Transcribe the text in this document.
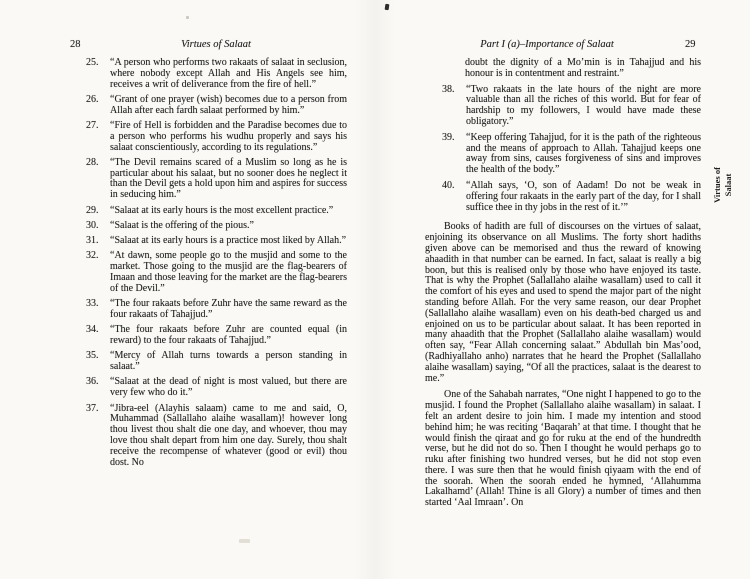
28	Virtues of Salaat
25.	“A person who performs two rakaats of salaat in seclusion, where nobody except Allah and His Angels see him, receives a writ of deliverance from the fire of hell.”
26.	“Grant of one prayer (wish) becomes due to a person from Allah after each fardh salaat performed by him.”
27.	“Fire of Hell is forbidden and the Paradise becomes due to a person who performs his wudhu properly and says his salaat conscientiously, according to its regulations.”
28.	“The Devil remains scared of a Muslim so long as he is particular about his salaat, but no sooner does he neglect it than the Devil gets a hold upon him and aspires for success in seducing him.”
29.	“Salaat at its early hours is the most excellent practice.”
30.	“Salaat is the offering of the pious.”
31.	“Salaat at its early hours is a practice most liked by Allah.”
32.	“At dawn, some people go to the musjid and some to the market. Those going to the musjid are the flag-bearers of Imaan and those leaving for the market are the flag-bearers of the Devil.”
33.	“The four rakaats before Zuhr have the same reward as the four rakaats of Tahajjud.”
34.	“The four rakaats before Zuhr are counted equal (in reward) to the four rakaats of Tahajjud.”
35.	“Mercy of Allah turns towards a person standing in salaat.”
36.	“Salaat at the dead of night is most valued, but there are very few who do it.”
37.	“Jibra-eel (Alayhis salaam) came to me and said, O, Muhammad (Sallallaho alaihe wasallam)! however long thou livest thou shalt die one day, and whoever, thou may love thou shalt depart from him one day. Surely, thou shalt receive the recompense of whatever (good or evil) thou dost. No
Part I (a)–Importance of Salaat	29
doubt the dignity of a Mo’min is in Tahajjud and his honour is in contentment and restraint.”
38.	“Two rakaats in the late hours of the night are more valuable than all the riches of this world. But for fear of hardship to my followers, I would have made these obligatory.”
39.	“Keep offering Tahajjud, for it is the path of the righteous and the means of approach to Allah. Tahajjud keeps one away from sins, causes forgiveness of sins and improves the health of the body.”
40.	“Allah says, ‘O, son of Aadam! Do not be weak in offering four rakaats in the early part of the day, for I shall suffice thee in thy jobs in the rest of it.’”

Books of hadith are full of discourses on the virtues of salaat, enjoining its observance on all Muslims. The forty short hadiths given above can be memorised and thus the reward of knowing ahaadith in that number can be earned. In fact, salaat is really a big boon, but this is realised only by those who have enjoyed its taste. That is why the Prophet (Sallallaho alaihe wasallam) used to call it the comfort of his eyes and used to spend the major part of the night standing before Allah. For the very same reason, our dear Prophet (Sallallaho alaihe wasallam) even on his death-bed charged us and enjoined on us to be particular about salaat. It has been reported in many ahaadith that the Prophet (Sallallaho alaihe wasallam) would often say, “Fear Allah concerning salaat.” Abdullah bin Mas’ood, (Radhiyallaho anho) narrates that he heard the Prophet (Sallallaho alaihe wasallam) saying, “Of all the practices, salaat is the dearest to me.”

One of the Sahabah narrates, “One night I happened to go to the musjid. I found the Prophet (Sallallaho alaihe wasallam) in salaat. I felt an ardent desire to join him. I made my intention and stood behind him; he was reciting ‘Baqarah’ at that time. I thought that he would finish the qiraat and go for ruku at the end of the hundredth verse, but he did not do so. Then I thought he would perhaps go to ruku after finishing two hundred verses, but he did not stop even there. I was sure then that he would finish qiyaam with the end of the soorah. When the soorah ended he hymned, ‘Allahumma Lakalhamd’ (Allah! Thine is all Glory) a number of times and then started ‘Aal Imraan’. On

Virtues of Salaat
